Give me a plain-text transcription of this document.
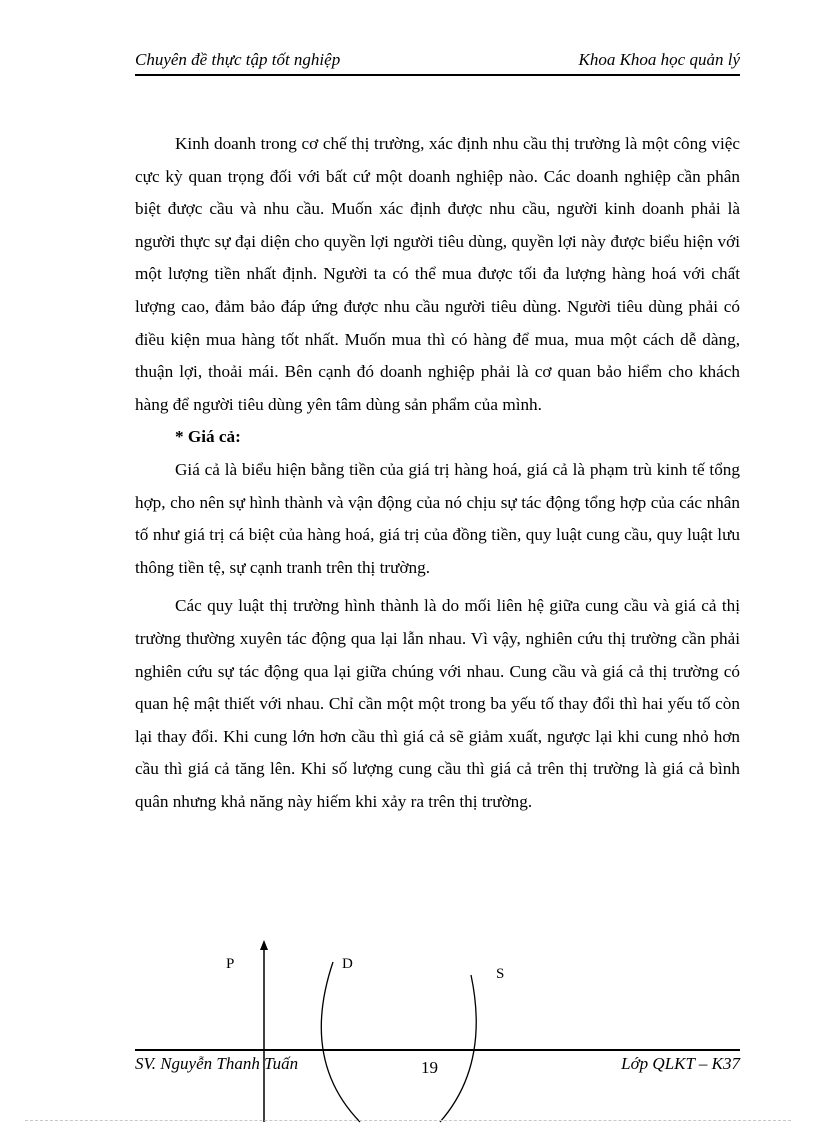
Chuyên đề thực tập tốt nghiệp	Khoa Khoa học quản lý

Kinh doanh trong cơ chế thị trường, xác định nhu cầu thị trường là một công việc cực kỳ quan trọng đối với bất cứ một doanh nghiệp nào. Các doanh nghiệp cần phân biệt được cầu và nhu cầu. Muốn xác định được nhu cầu, người kinh doanh phải là người thực sự đại diện cho quyền lợi người tiêu dùng, quyền lợi này được biểu hiện với một lượng tiền nhất định. Người ta có thể mua được tối đa lượng hàng hoá với chất lượng cao, đảm bảo đáp ứng được nhu cầu người tiêu dùng. Người tiêu dùng phải có điều kiện mua hàng tốt nhất. Muốn mua thì có hàng để mua, mua một cách dễ dàng, thuận lợi, thoải mái. Bên cạnh đó doanh nghiệp phải là cơ quan bảo hiểm cho khách hàng để người tiêu dùng yên tâm dùng sản phẩm của mình.

* Giá cả:

Giá cả là biểu hiện bằng tiền của giá trị hàng hoá, giá cả là phạm trù kinh tế tổng hợp, cho nên sự hình thành và vận động của nó chịu sự tác động tổng hợp của các nhân tố như giá trị cá biệt của hàng hoá, giá trị của đồng tiền, quy luật cung cầu, quy luật lưu thông tiền tệ, sự cạnh tranh trên thị trường.

Các quy luật thị trường hình thành là do mối liên hệ giữa cung cầu và giá cả thị trường thường xuyên tác động qua lại lẫn nhau. Vì vậy, nghiên cứu thị trường cần phải nghiên cứu sự tác động qua lại giữa chúng với nhau. Cung cầu và giá cả thị trường có quan hệ mật thiết với nhau. Chỉ cần một một trong ba yếu tố thay đổi thì hai yếu tố còn lại thay đổi. Khi cung lớn hơn cầu thì giá cả sẽ giảm xuất, ngược lại khi cung nhỏ hơn cầu thì giá cả tăng lên. Khi số lượng cung cầu thì giá cả trên thị trường là giá cả bình quân nhưng khả năng này hiếm khi xảy ra trên thị trường.

P	D
S
SV. Nguyễn Thanh Tuấn	19	Lớp QLKT – K37
